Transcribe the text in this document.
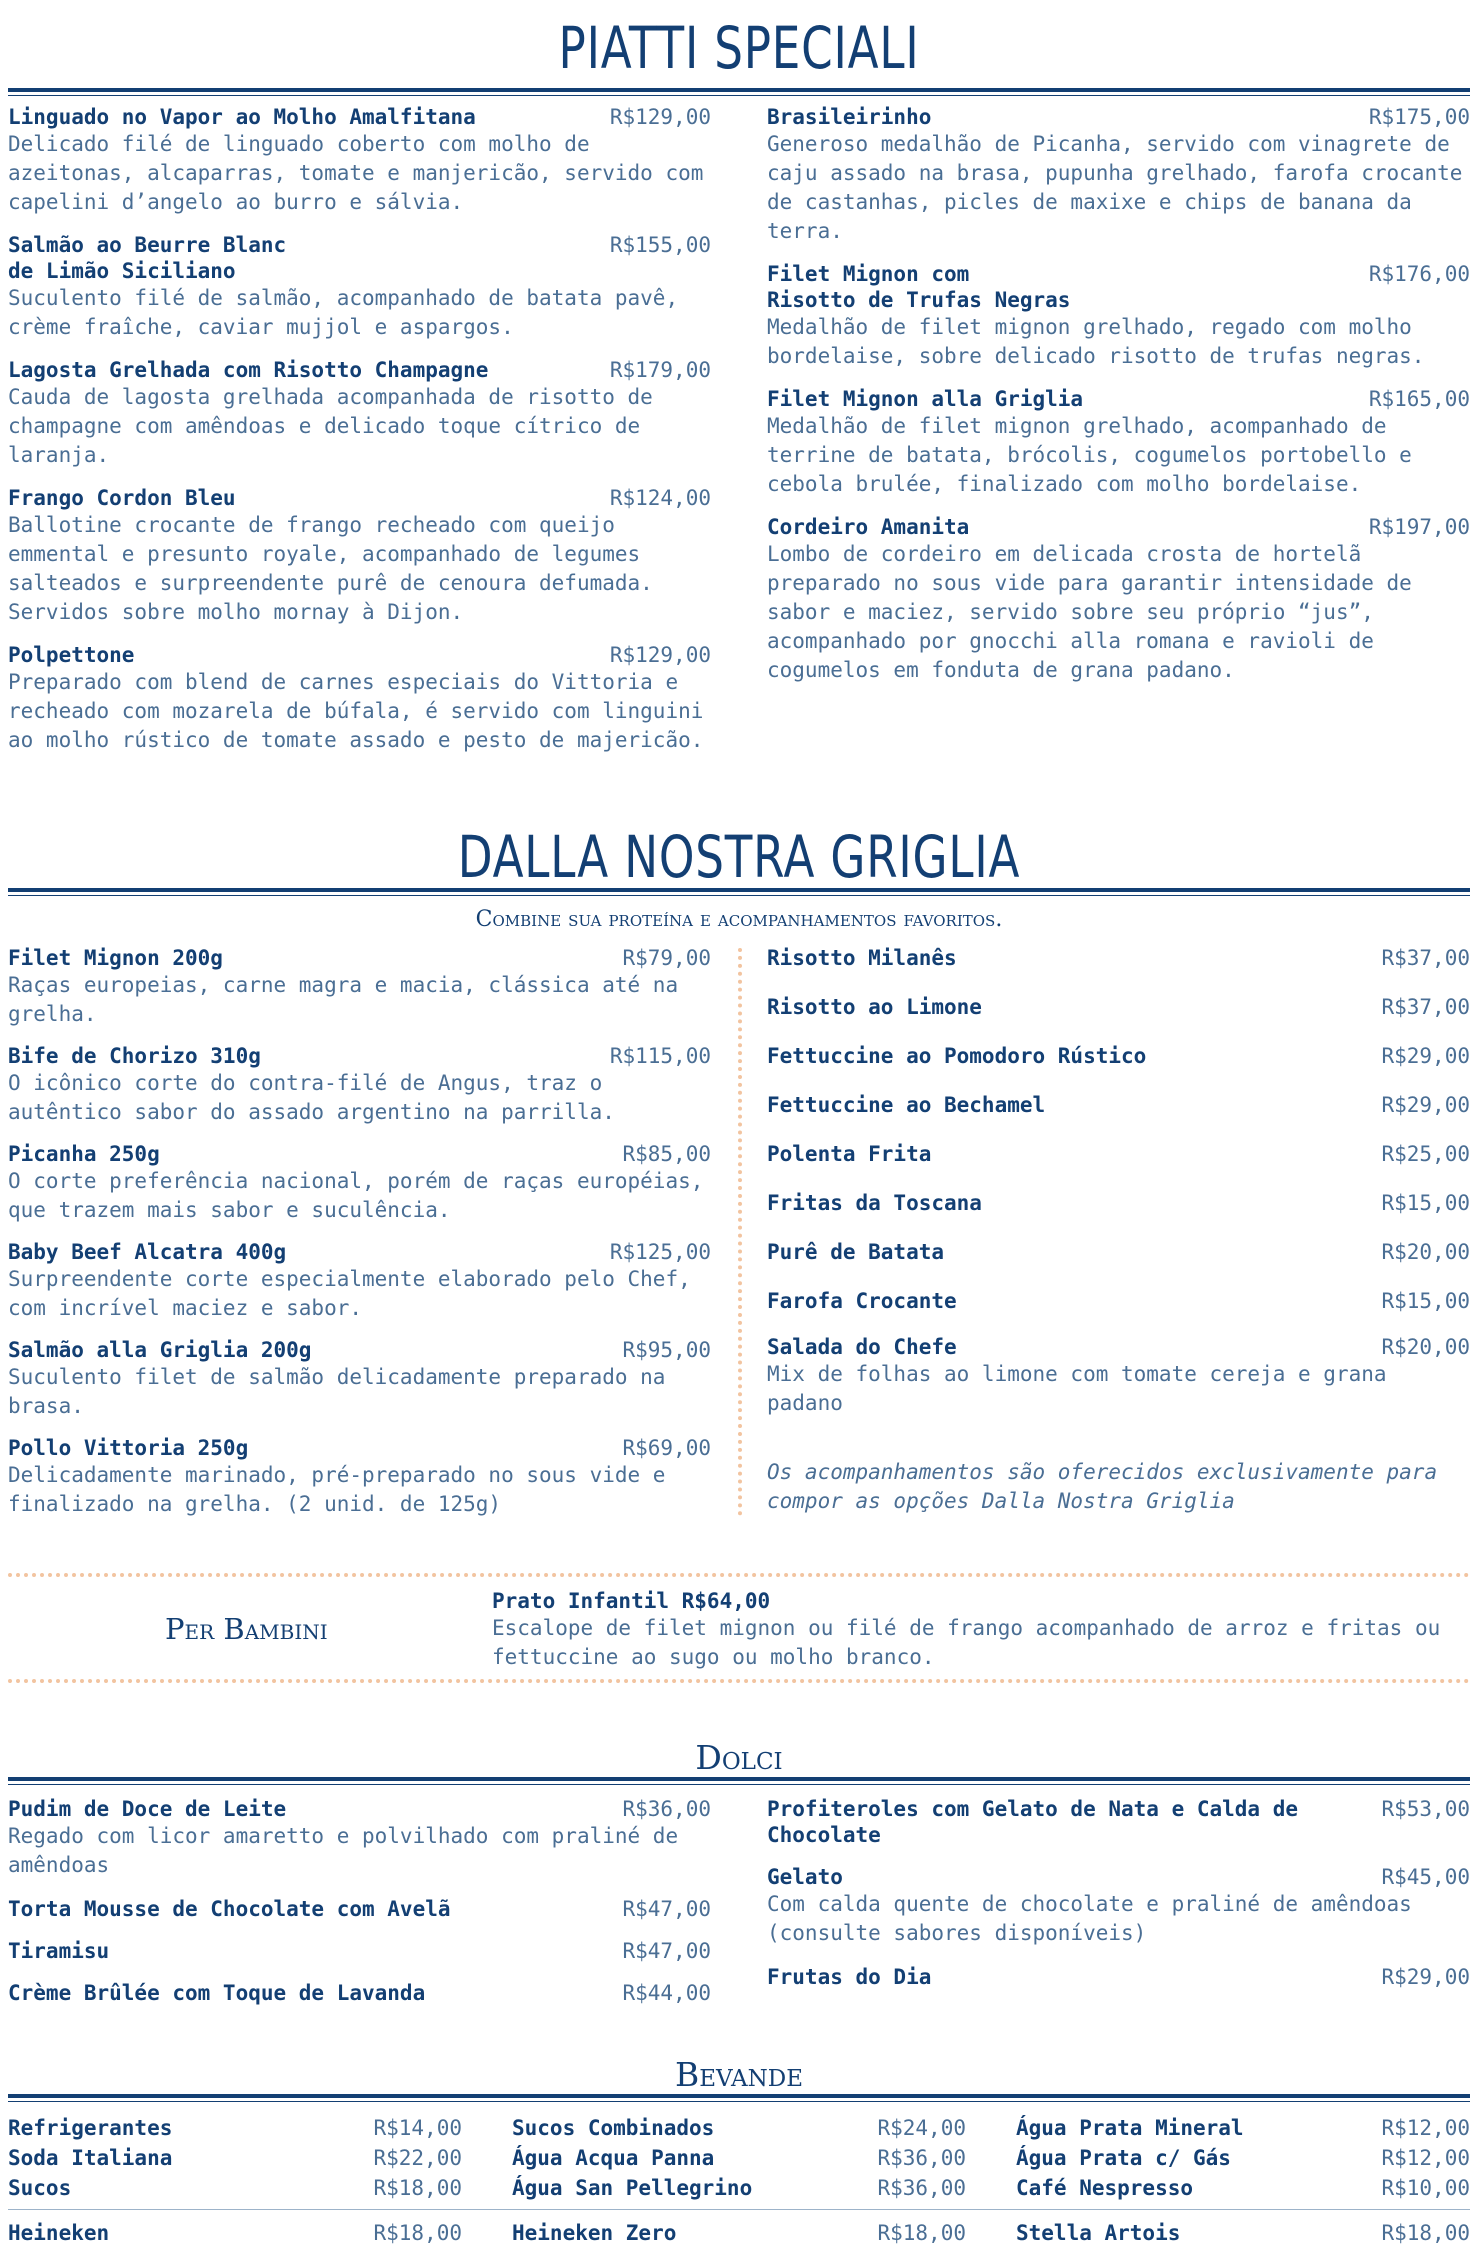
PIATTI SPECIALI
Linguado no Vapor ao Molho Amalfitana	R$129,00
Delicado filé de linguado coberto com molho de azeitonas, alcaparras, tomate e manjericão, servido com capelini d’angelo ao burro e sálvia.
Salmão ao Beurre Blanc	R$155,00
de Limão Siciliano
Suculento filé de salmão, acompanhado de batata pavê, crème fraîche, caviar mujjol e aspargos.
Lagosta Grelhada com Risotto Champagne	R$179,00
Cauda de lagosta grelhada acompanhada de risotto de champagne com amêndoas e delicado toque cítrico de laranja.
Frango Cordon Bleu	R$124,00
Ballotine crocante de frango recheado com queijo emmental e presunto royale, acompanhado de legumes salteados e surpreendente purê de cenoura defumada. Servidos sobre molho mornay à Dijon.
Polpettone	R$129,00
Preparado com blend de carnes especiais do Vittoria e recheado com mozarela de búfala, é servido com linguini ao molho rústico de tomate assado e pesto de majericão.
Brasileirinho	R$175,00
Generoso medalhão de Picanha, servido com vinagrete de caju assado na brasa, pupunha grelhado, farofa crocante de castanhas, picles de maxixe e chips de banana da terra.
Filet Mignon com	R$176,00
Risotto de Trufas Negras
Medalhão de filet mignon grelhado, regado com molho bordelaise, sobre delicado risotto de trufas negras.
Filet Mignon alla Griglia	R$165,00
Medalhão de filet mignon grelhado, acompanhado de terrine de batata, brócolis, cogumelos portobello e cebola brulée, finalizado com molho bordelaise.
Cordeiro Amanita	R$197,00
Lombo de cordeiro em delicada crosta de hortelã preparado no sous vide para garantir intensidade de sabor e maciez, servido sobre seu próprio “jus”, acompanhado por gnocchi alla romana e ravioli de cogumelos em fonduta de grana padano.
DALLA NOSTRA GRIGLIA
Combine sua proteína e acompanhamentos favoritos.
Filet Mignon 200g	R$79,00
Raças europeias, carne magra e macia, clássica até na grelha.
Bife de Chorizo 310g	R$115,00
O icônico corte do contra-filé de Angus, traz o autêntico sabor do assado argentino na parrilla.
Picanha 250g	R$85,00
O corte preferência nacional, porém de raças européias, que trazem mais sabor e suculência.
Baby Beef Alcatra 400g	R$125,00
Surpreendente corte especialmente elaborado pelo Chef, com incrível maciez e sabor.
Salmão alla Griglia 200g	R$95,00
Suculento filet de salmão delicadamente preparado na brasa.
Pollo Vittoria 250g	R$69,00
Delicadamente marinado, pré-preparado no sous vide e finalizado na grelha. (2 unid. de 125g)
Risotto Milanês	R$37,00
Risotto ao Limone	R$37,00
Fettuccine ao Pomodoro Rústico	R$29,00
Fettuccine ao Bechamel	R$29,00
Polenta Frita	R$25,00
Fritas da Toscana	R$15,00
Purê de Batata	R$20,00
Farofa Crocante	R$15,00
Salada do Chefe	R$20,00
Mix de folhas ao limone com tomate cereja e grana padano
Os acompanhamentos são oferecidos exclusivamente para compor as opções Dalla Nostra Griglia
Per Bambini
Prato Infantil R$64,00
Escalope de filet mignon ou filé de frango acompanhado de arroz e fritas ou fettuccine ao sugo ou molho branco.
Dolci
Pudim de Doce de Leite	R$36,00
Regado com licor amaretto e polvilhado com praliné de amêndoas
Torta Mousse de Chocolate com Avelã	R$47,00
Tiramisu	R$47,00
Crème Brûlée com Toque de Lavanda	R$44,00
Profiteroles com Gelato de Nata e Calda de Chocolate
R$53,00
Gelato	R$45,00
Com calda quente de chocolate e praliné de amêndoas (consulte sabores disponíveis)
Frutas do Dia	R$29,00
Bevande
Refrigerantes	R$14,00
Soda Italiana	R$22,00
Sucos	R$18,00
Heineken	R$18,00
Sucos Combinados	R$24,00
Água Acqua Panna	R$36,00
Água San Pellegrino	R$36,00
Heineken Zero	R$18,00
Água Prata Mineral	R$12,00
Água Prata c/ Gás	R$12,00
Café Nespresso	R$10,00
Stella Artois	R$18,00
